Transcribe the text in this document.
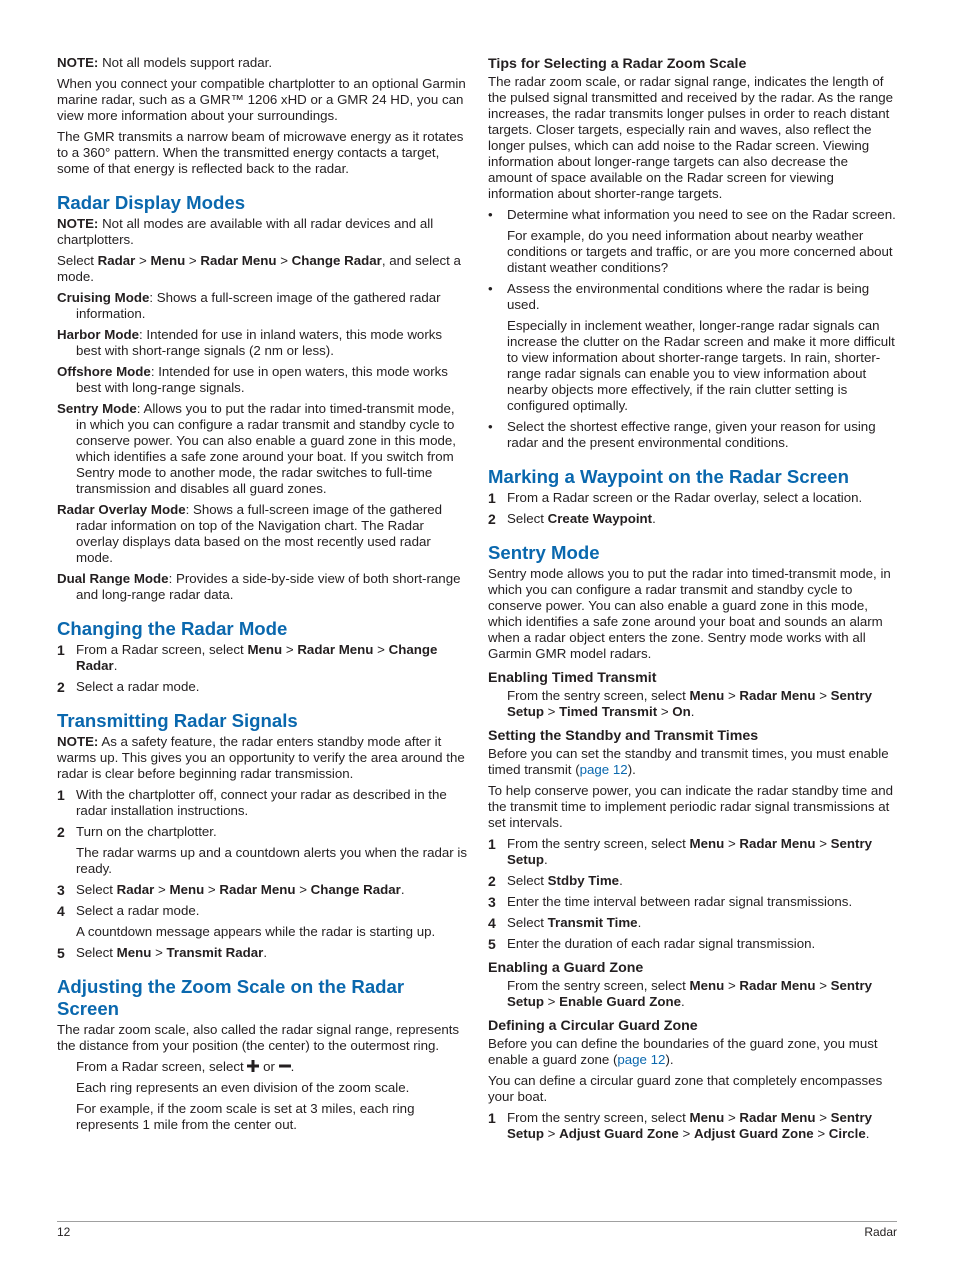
NOTE: Not all models support radar.

When you connect your compatible chartplotter to an optional Garmin marine radar, such as a GMR™ 1206 xHD or a GMR 24 HD, you can view more information about your surroundings.

The GMR transmits a narrow beam of microwave energy as it rotates to a 360° pattern. When the transmitted energy contacts a target, some of that energy is reflected back to the radar.

Radar Display Modes

NOTE: Not all modes are available with all radar devices and all chartplotters.

Select Radar > Menu > Radar Menu > Change Radar, and select a mode.

Cruising Mode: Shows a full-screen image of the gathered radar information.

Harbor Mode: Intended for use in inland waters, this mode works best with short-range signals (2 nm or less).

Offshore Mode: Intended for use in open waters, this mode works best with long-range signals.

Sentry Mode: Allows you to put the radar into timed-transmit mode, in which you can configure a radar transmit and standby cycle to conserve power. You can also enable a guard zone in this mode, which identifies a safe zone around your boat. If you switch from Sentry mode to another mode, the radar switches to full-time transmission and disables all guard zones.

Radar Overlay Mode: Shows a full-screen image of the gathered radar information on top of the Navigation chart. The Radar overlay displays data based on the most recently used radar mode.

Dual Range Mode: Provides a side-by-side view of both short-range and long-range radar data.

Changing the Radar Mode
1 From a Radar screen, select Menu > Radar Menu > Change Radar.
2 Select a radar mode.
Transmitting Radar Signals

NOTE: As a safety feature, the radar enters standby mode after it warms up. This gives you an opportunity to verify the area around the radar is clear before beginning radar transmission.

1 With the chartplotter off, connect your radar as described in the radar installation instructions.
2 Turn on the chartplotter.

The radar warms up and a countdown alerts you when the radar is ready.

3 Select Radar > Menu > Radar Menu > Change Radar.
4 Select a radar mode.

A countdown message appears while the radar is starting up.

5 Select Menu > Transmit Radar.
Adjusting the Zoom Scale on the Radar Screen

The radar zoom scale, also called the radar signal range, represents the distance from your position (the center) to the outermost ring.

From a Radar screen, select  or .

Each ring represents an even division of the zoom scale.

For example, if the zoom scale is set at 3 miles, each ring represents 1 mile from the center out.

Tips for Selecting a Radar Zoom Scale

The radar zoom scale, or radar signal range, indicates the length of the pulsed signal transmitted and received by the radar. As the range increases, the radar transmits longer pulses in order to reach distant targets. Closer targets, especially rain and waves, also reflect the longer pulses, which can add noise to the Radar screen. Viewing information about longer-range targets can also decrease the amount of space available on the Radar screen for viewing information about shorter-range targets.

• Determine what information you need to see on the Radar screen.

For example, do you need information about nearby weather conditions or targets and traffic, or are you more concerned about distant weather conditions?

• Assess the environmental conditions where the radar is being used.

Especially in inclement weather, longer-range radar signals can increase the clutter on the Radar screen and make it more difficult to view information about shorter-range targets. In rain, shorter-range radar signals can enable you to view information about nearby objects more effectively, if the rain clutter setting is configured optimally.

• Select the shortest effective range, given your reason for using radar and the present environmental conditions.
Marking a Waypoint on the Radar Screen
1 From a Radar screen or the Radar overlay, select a location.
2 Select Create Waypoint.
Sentry Mode

Sentry mode allows you to put the radar into timed-transmit mode, in which you can configure a radar transmit and standby cycle to conserve power. You can also enable a guard zone in this mode, which identifies a safe zone around your boat and sounds an alarm when a radar object enters the zone. Sentry mode works with all Garmin GMR model radars.

Enabling Timed Transmit

From the sentry screen, select Menu > Radar Menu > Sentry Setup > Timed Transmit > On.

Setting the Standby and Transmit Times

Before you can set the standby and transmit times, you must enable timed transmit (page 12).

To help conserve power, you can indicate the radar standby time and the transmit time to implement periodic radar signal transmissions at set intervals.

1 From the sentry screen, select Menu > Radar Menu > Sentry Setup.
2 Select Stdby Time.
3 Enter the time interval between radar signal transmissions.
4 Select Transmit Time.
5 Enter the duration of each radar signal transmission.
Enabling a Guard Zone

From the sentry screen, select Menu > Radar Menu > Sentry Setup > Enable Guard Zone.

Defining a Circular Guard Zone

Before you can define the boundaries of the guard zone, you must enable a guard zone (page 12).

You can define a circular guard zone that completely encompasses your boat.

1 From the sentry screen, select Menu > Radar Menu > Sentry Setup > Adjust Guard Zone > Adjust Guard Zone > Circle.
12	Radar
